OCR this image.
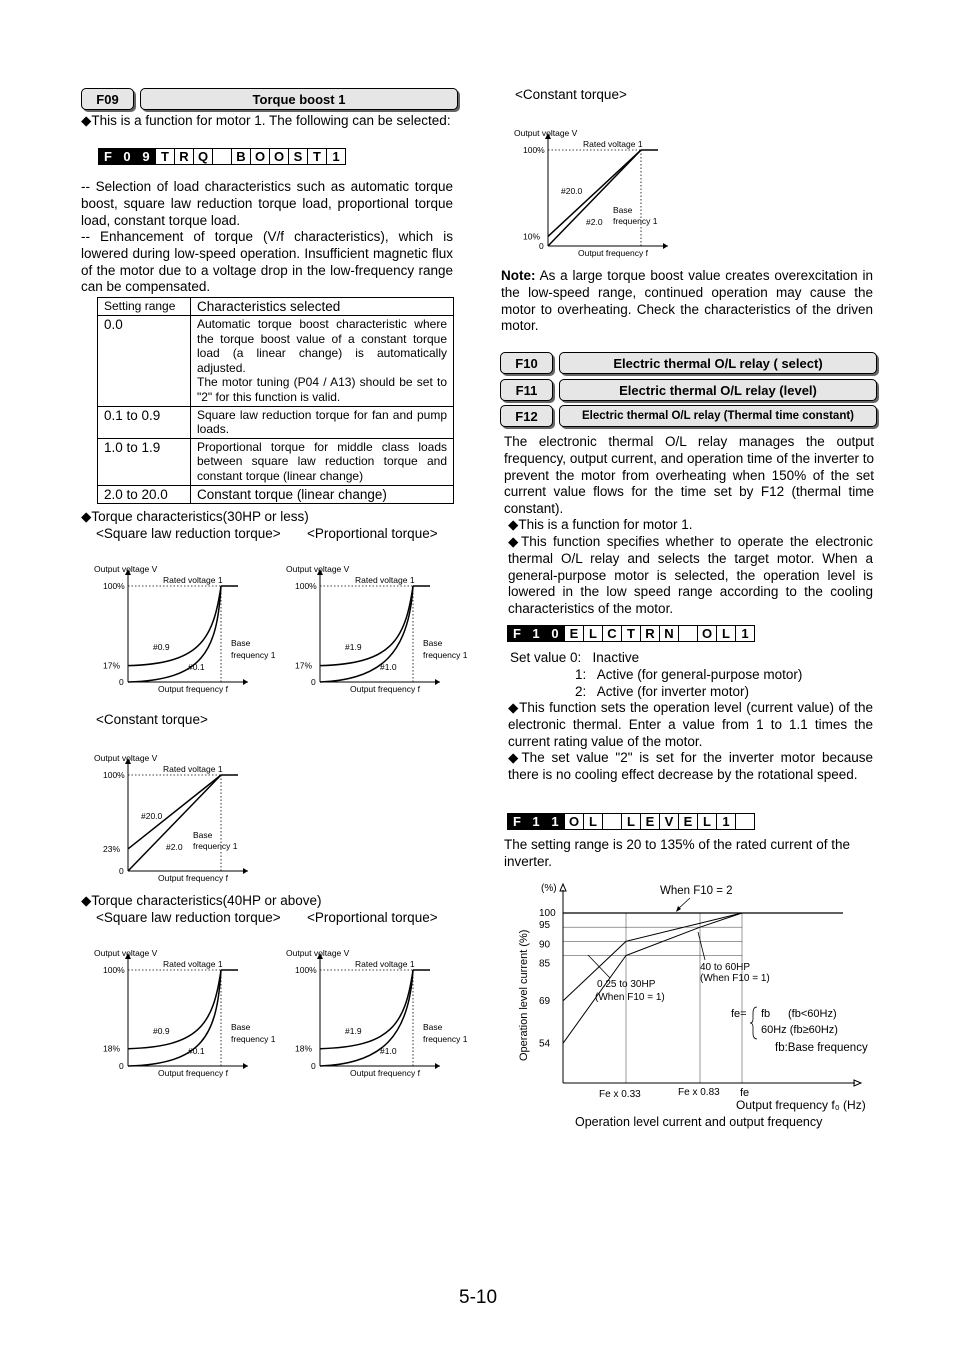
F09	Torque boost 1
◆This is a function for motor 1. The following can be selected:
F 0 9 T R Q	B O O S T 1
-- Selection of load characteristics such as automatic torque boost, square law reduction torque load, proportional torque load, constant torque load.
-- Enhancement of torque (V/f characteristics), which is lowered during low-speed operation. Insufficient magnetic flux of the motor due to a voltage drop in the low-frequency range can be compensated.
Setting range	Characteristics selected
0.0	Automatic torque boost characteristic where the torque boost value of a constant torque load (a linear change) is automatically adjusted.
The motor tuning (P04 / A13) should be set to "2" for this function is valid.

0.1 to 0.9	Square law reduction torque for fan and pump loads.
1.0 to 1.9	Proportional torque for middle class loads between square law reduction torque and constant torque (linear change)
2.0 to 20.0	Constant torque (linear change)
◆Torque characteristics(30HP or less)
<Square law reduction torque> <Proportional torque>
Output voltage V
Output frequency f
Rated voltage 1
100%
0
17%
#0.9
#0.1
Base
frequency 1
Output voltage V
Output frequency f
Rated voltage 1
100%
0
17%
#1.9
#1.0
Base
frequency 1
Output voltage V
Output frequency f
Rated voltage 1
100%
0
23%
#20.0
#2.0
Base
frequency 1
Output voltage V
Output frequency f
Rated voltage 1
100%
0
18%
#0.9
#0.1
Base
frequency 1
Output voltage V
Output frequency f
Rated voltage 1
100%
0
18%
#1.9
#1.0
Base
frequency 1
Output voltage V
Output frequency f
Rated voltage 1
100%
0
10%
#20.0
#2.0
Base
frequency 1
<Constant torque>
◆Torque characteristics(40HP or above)
<Square law reduction torque> <Proportional torque>
<Constant torque>
Note: As a large torque boost value creates overexcitation in the low-speed range, continued operation may cause the motor to overheating. Check the characteristics of the driven motor.
F10	Electric thermal O/L relay ( select)
F11	Electric thermal O/L relay (level)
F12	Electric thermal O/L relay (Thermal time constant)
The electronic thermal O/L relay manages the output frequency, output current, and operation time of the inverter to prevent the motor from overheating when 150% of the set current value flows for the time set by F12 (thermal time constant).
◆This is a function for motor 1.
◆This function specifies whether to operate the electronic thermal O/L relay and selects the target motor. When a general-purpose motor is selected, the operation level is lowered in the low speed range according to the cooling characteristics of the motor.
F 1 0 E L C T R N	O L 1
Set value 0:   Inactive
1:   Active (for general-purpose motor)
2:   Active (for inverter motor)
◆This function sets the operation level (current value) of the electronic thermal. Enter a value from 1 to 1.1 times the current rating value of the motor.
◆The set value "2" is set for the inverter motor because there is no cooling effect decrease by the rotational speed.
F 1 1 O L	L E V E L 1
The setting range is 20 to 135% of the rated current of the inverter.
100
95
90
85
69
54
(%)
Operation level current (%)
Fe x 0.33	Fe x 0.83 fe
Output frequency f₀ (Hz)
Operation level current and output frequency
When F10 = 2
40 to 60HP
(When F10 = 1)
0.25 to 30HP
(When F10 = 1)
fe= fb (fb<60Hz)
60Hz (fb≥60Hz)
fb:Base frequency
5-10
